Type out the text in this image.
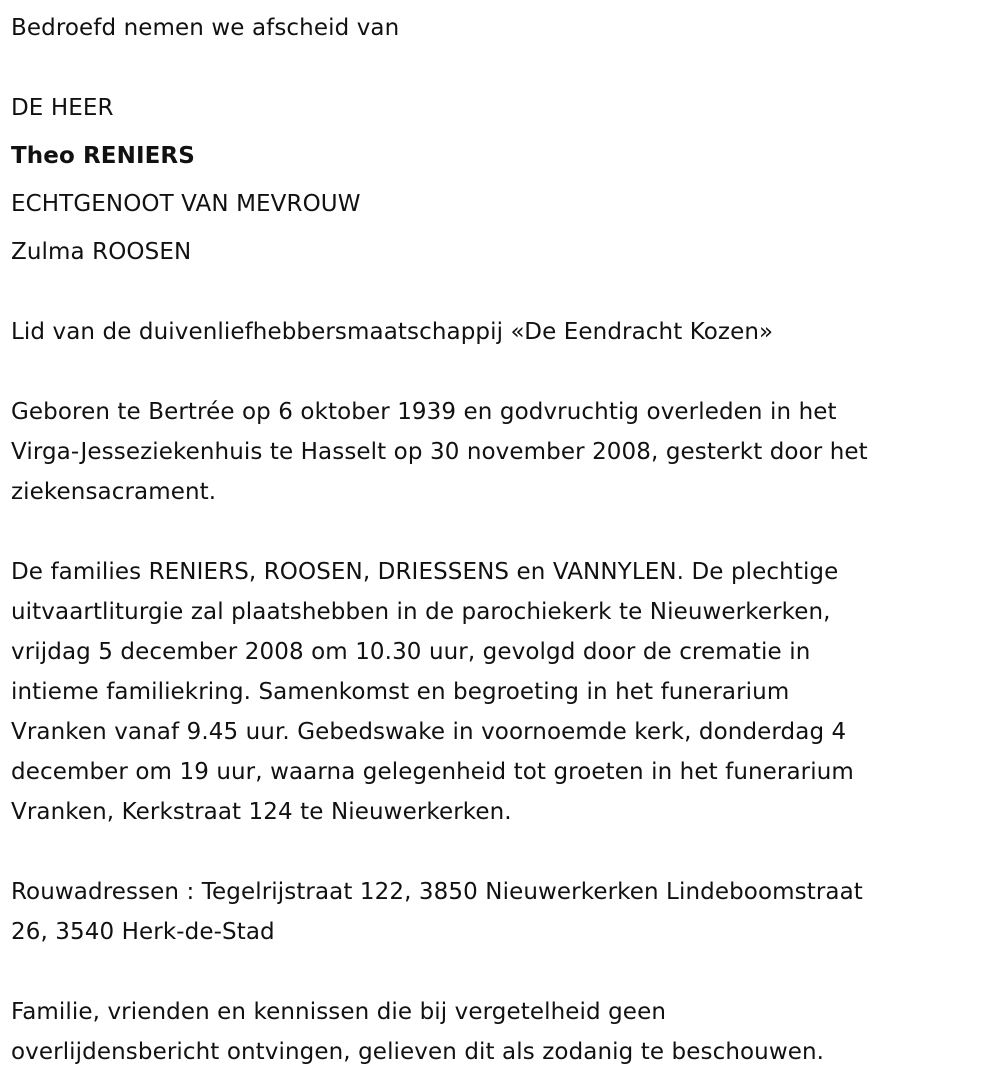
Bedroefd nemen we afscheid van
DE HEER
Theo RENIERS
ECHTGENOOT VAN MEVROUW
Zulma ROOSEN
Lid van de duivenliefhebbersmaatschappij «De Eendracht Kozen»
Geboren te Bertrée op 6 oktober 1939 en godvruchtig overleden in het
Virga-Jesseziekenhuis te Hasselt op 30 november 2008, gesterkt door het
ziekensacrament.
De families RENIERS, ROOSEN, DRIESSENS en VANNYLEN. De plechtige
uitvaartliturgie zal plaatshebben in de parochiekerk te Nieuwerkerken,
vrijdag 5 december 2008 om 10.30 uur, gevolgd door de crematie in
intieme familiekring. Samenkomst en begroeting in het funerarium
Vranken vanaf 9.45 uur. Gebedswake in voornoemde kerk, donderdag 4
december om 19 uur, waarna gelegenheid tot groeten in het funerarium
Vranken, Kerkstraat 124 te Nieuwerkerken.
Rouwadressen : Tegelrijstraat 122, 3850 Nieuwerkerken Lindeboomstraat
26, 3540 Herk-de-Stad
Familie, vrienden en kennissen die bij vergetelheid geen
overlijdensbericht ontvingen, gelieven dit als zodanig te beschouwen.
